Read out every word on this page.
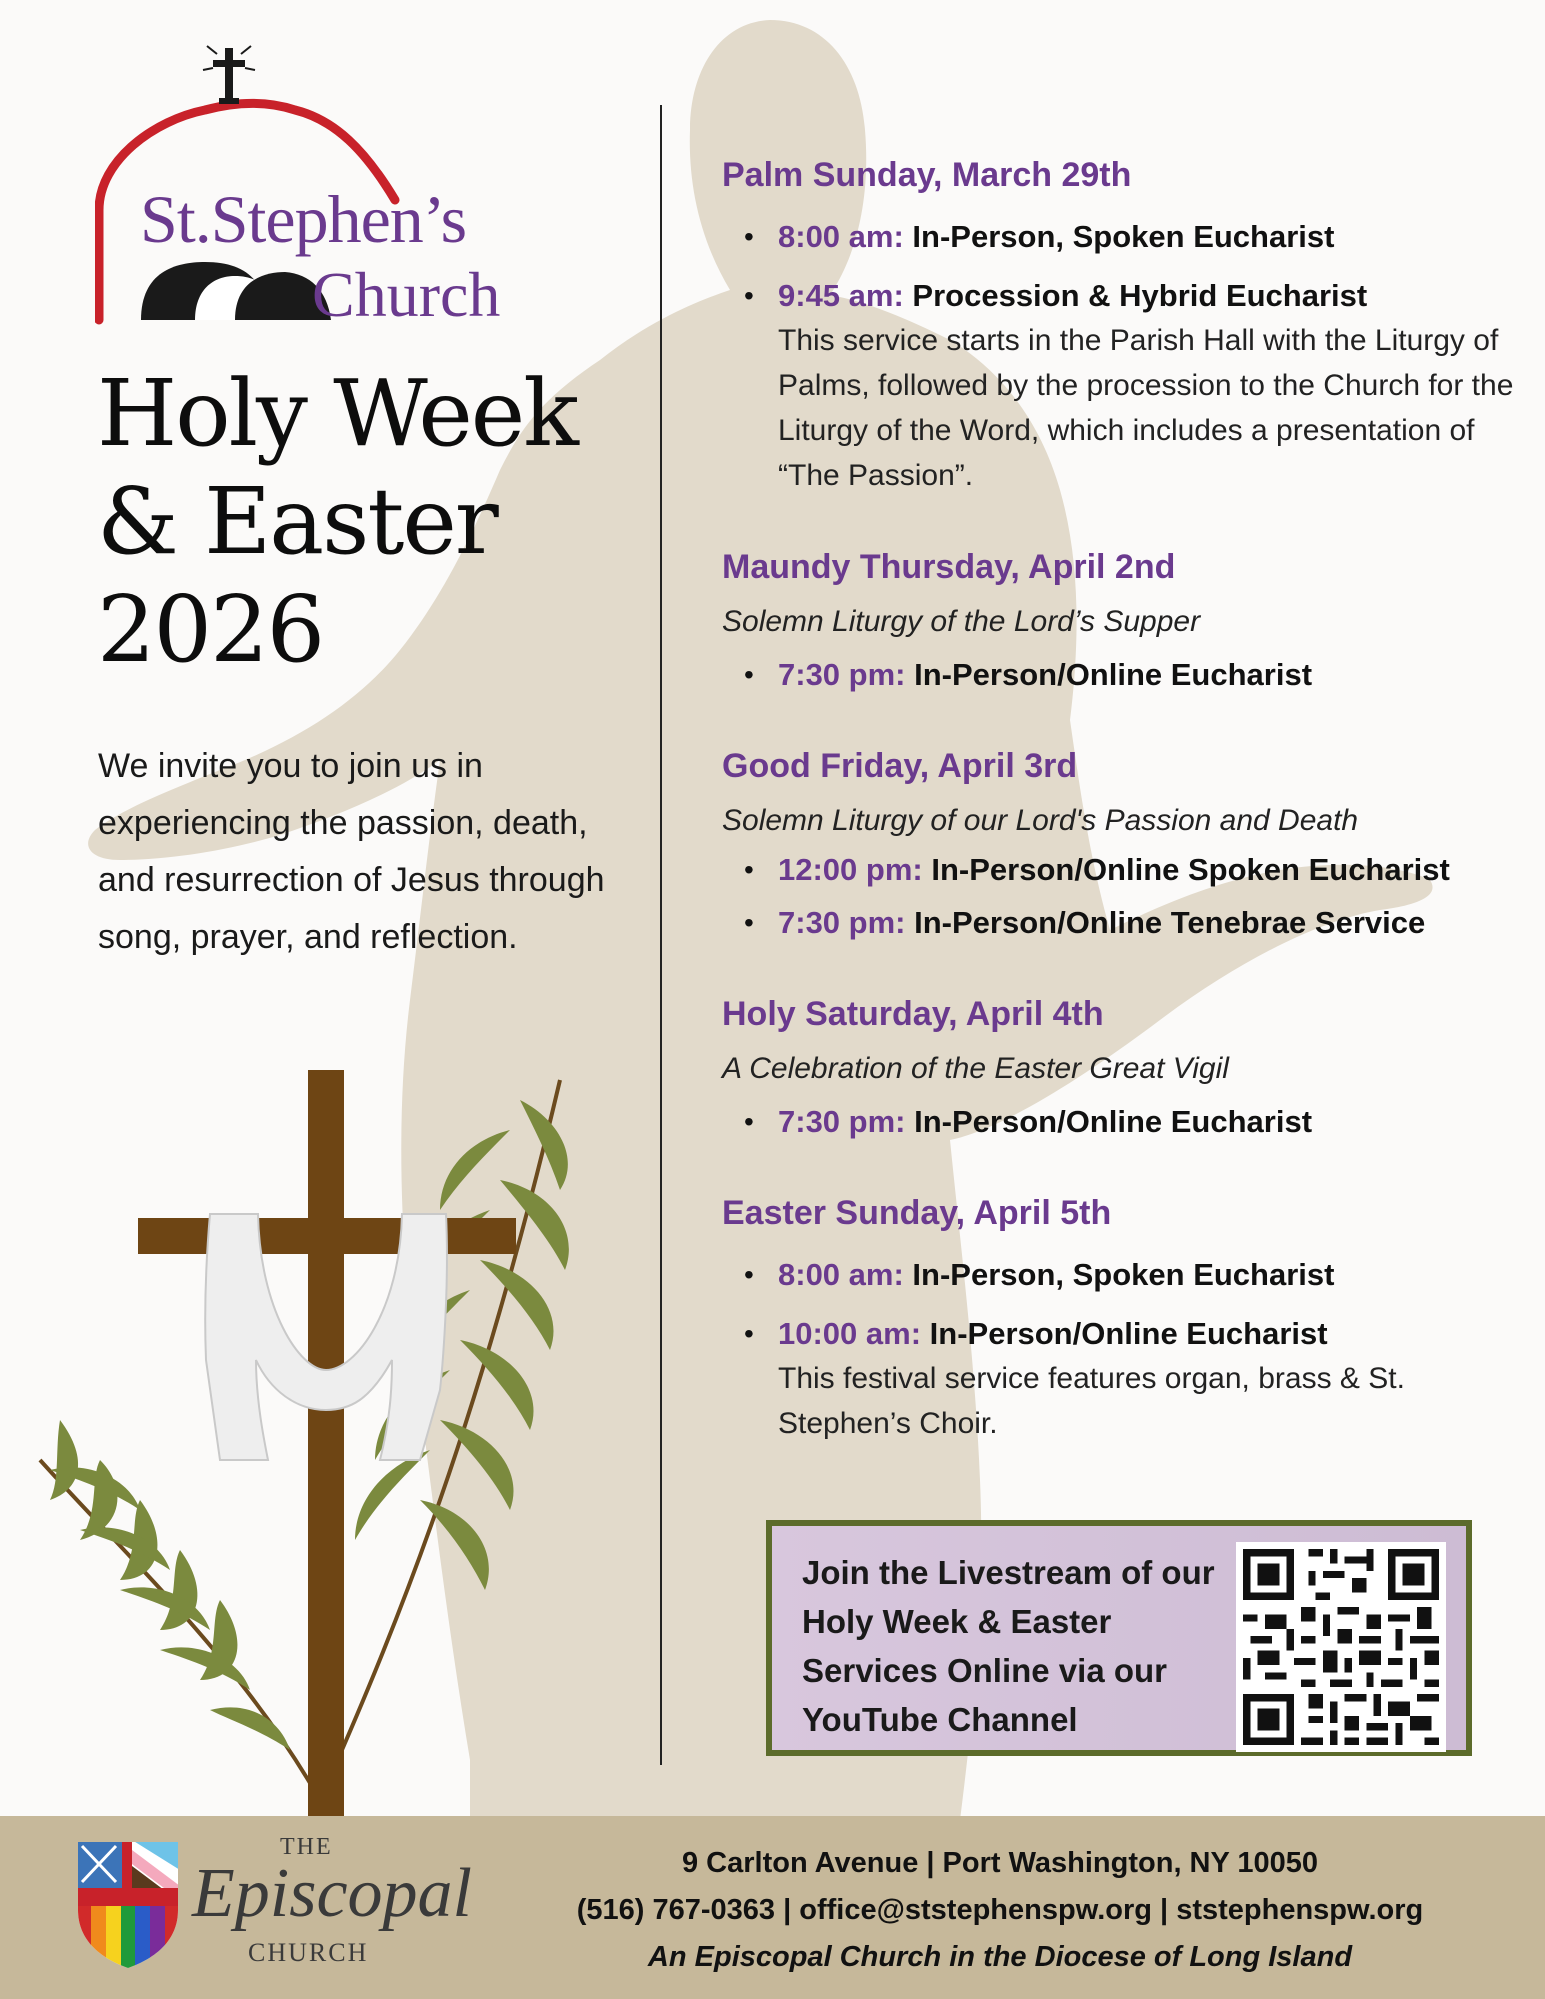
St.Stephen’s
Church
Holy Week
& Easter
2026

We invite you to join us in experiencing the passion, death, and resurrection of Jesus through song, prayer, and reflection.

Palm Sunday, March 29th
• 8:00 am: In-Person, Spoken Eucharist
• 9:45 am: Procession & Hybrid Eucharist
This service starts in the Parish Hall with the Liturgy of Palms, followed by the procession to the Church for the Liturgy of the Word, which includes a presentation of “The Passion”.
Maundy Thursday, April 2nd

Solemn Liturgy of the Lord’s Supper

• 7:30 pm: In-Person/Online Eucharist
Good Friday, April 3rd

Solemn Liturgy of our Lord's Passion and Death

• 12:00 pm: In-Person/Online Spoken Eucharist
• 7:30 pm: In-Person/Online Tenebrae Service
Holy Saturday, April 4th

A Celebration of the Easter Great Vigil

• 7:30 pm: In-Person/Online Eucharist
Easter Sunday, April 5th
• 8:00 am: In-Person, Spoken Eucharist
• 10:00 am: In-Person/Online Eucharist
This festival service features organ, brass & St. Stephen’s Choir.
Join the Livestream of our Holy Week & Easter Services Online via our YouTube Channel
THE
Episcopal
CHURCH
9 Carlton Avenue | Port Washington, NY 10050
(516) 767-0363 | office@ststephenspw.org | ststephenspw.org
An Episcopal Church in the Diocese of Long Island
